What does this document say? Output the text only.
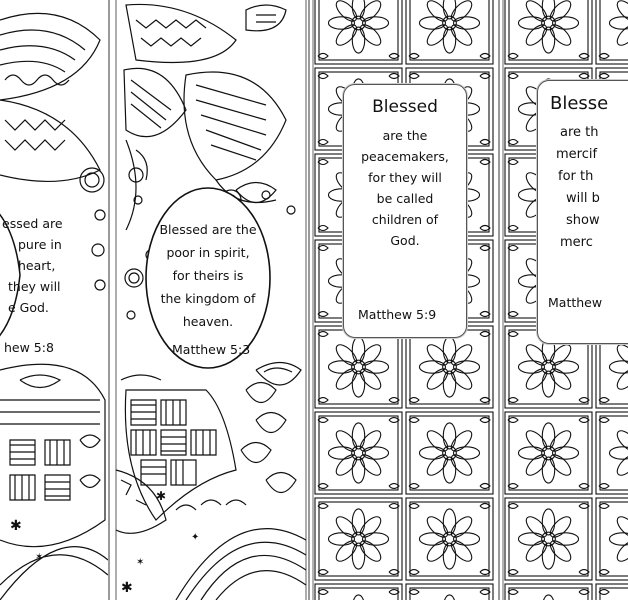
✱
✶
essed are
pure in
heart,
they will
e God.
hew 5:8
✱
✶
✦
✱
Blessed are the
poor in spirit,
for theirs is
the kingdom of
heaven.
Matthew 5:3
Blessed
are the
peacemakers,
for they will
be called
children of
God.
Matthew 5:9
Blesse
are th
mercif
for th
will b
show
merc
Matthew
